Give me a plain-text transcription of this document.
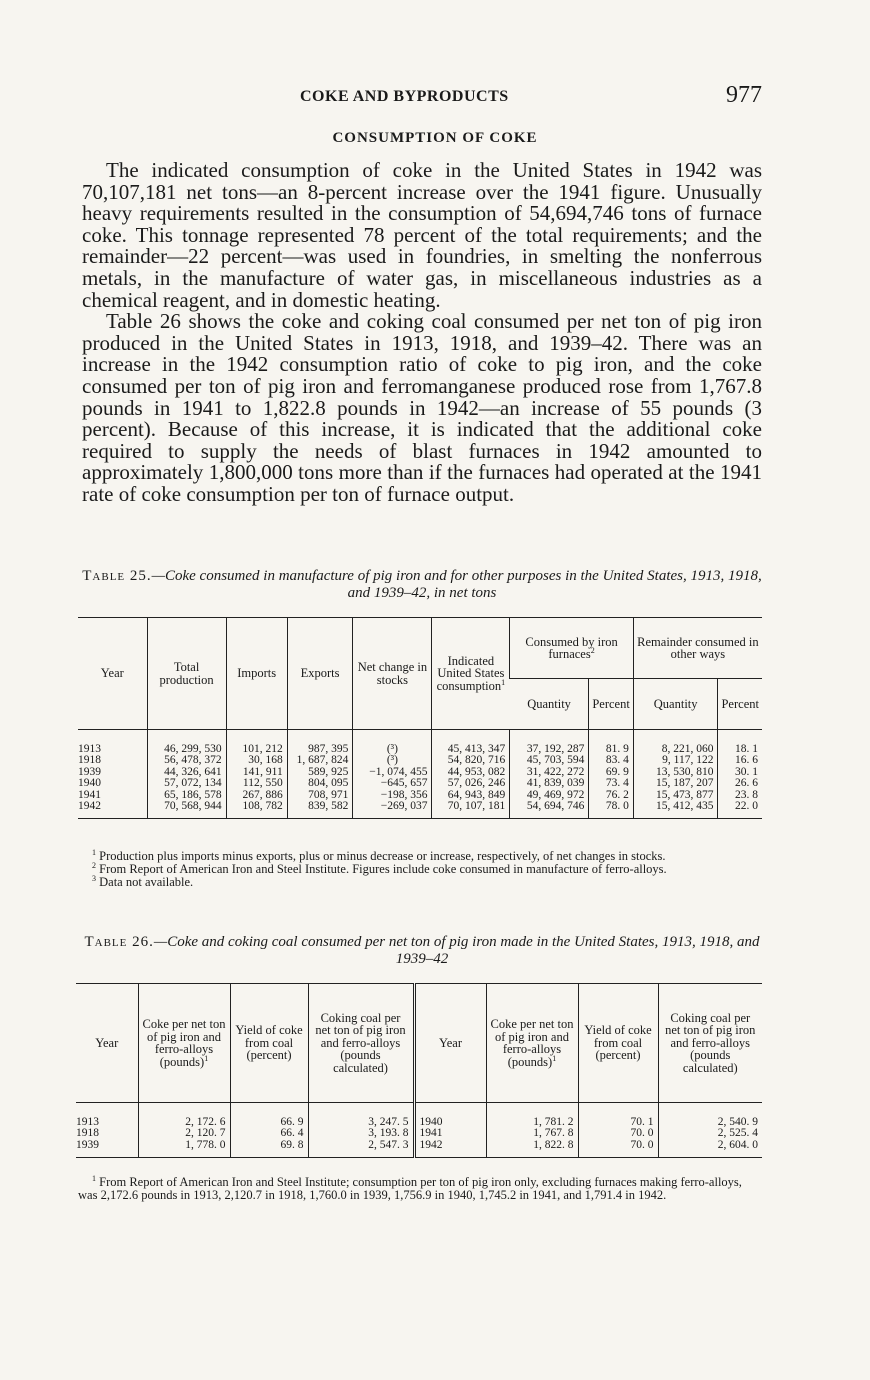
COKE AND BYPRODUCTS	977
CONSUMPTION OF COKE

The indicated consumption of coke in the United States in 1942 was 70,107,181 net tons—an 8-percent increase over the 1941 figure. Unusually heavy requirements resulted in the consumption of 54,694,746 tons of furnace coke. This tonnage represented 78 percent of the total requirements; and the remainder—22 percent—was used in foundries, in smelting the nonferrous metals, in the manufacture of water gas, in miscellaneous industries as a chemical reagent, and in domestic heating.

Table 26 shows the coke and coking coal consumed per net ton of pig iron produced in the United States in 1913, 1918, and 1939–42. There was an increase in the 1942 consumption ratio of coke to pig iron, and the coke consumed per ton of pig iron and ferromanganese produced rose from 1,767.8 pounds in 1941 to 1,822.8 pounds in 1942—an increase of 55 pounds (3 percent). Because of this increase, it is indicated that the additional coke required to supply the needs of blast furnaces in 1942 amounted to approximately 1,800,000 tons more than if the furnaces had operated at the 1941 rate of coke consumption per ton of furnace output.

Table 25.—Coke consumed in manufacture of pig iron and for other purposes in the United States, 1913, 1918, and 1939–42, in net tons
Year	Total production	Imports	Exports	Net change in stocks	Indicated United States consumption$^1$	Consumed by iron furnaces$^2$		Remainder consumed in other ways	
						Quantity	Percent	Quantity	Percent

1913	46, 299, 530	101, 212	987, 395	(³)	45, 413, 347	37, 192, 287	81. 9	8, 221, 060	18. 1
1918	56, 478, 372	30, 168	1, 687, 824	(³)	54, 820, 716	45, 703, 594	83. 4	9, 117, 122	16. 6
1939	44, 326, 641	141, 911	589, 925	−1, 074, 455	44, 953, 082	31, 422, 272	69. 9	13, 530, 810	30. 1
1940	57, 072, 134	112, 550	804, 095	−645, 657	57, 026, 246	41, 839, 039	73. 4	15, 187, 207	26. 6
1941	65, 186, 578	267, 886	708, 971	−198, 356	64, 943, 849	49, 469, 972	76. 2	15, 473, 877	23. 8
1942	70, 568, 944	108, 782	839, 582	−269, 037	70, 107, 181	54, 694, 746	78. 0	15, 412, 435	22. 0

$^1$ Production plus imports minus exports, plus or minus decrease or increase, respectively, of net changes in stocks.

$^2$ From Report of American Iron and Steel Institute. Figures include coke consumed in manufacture of ferro-alloys.

$^3$ Data not available.

Table 26.—Coke and coking coal consumed per net ton of pig iron made in the United States, 1913, 1918, and 1939–42
Year	Coke per net ton of pig iron and ferro-alloys (pounds)$^1$	Yield of coke from coal (percent)	Coking coal per net ton of pig iron and ferro-alloys (pounds calculated)	Year	Coke per net ton of pig iron and ferro-alloys (pounds)$^1$	Yield of coke from coal (percent)	Coking coal per net ton of pig iron and ferro-alloys (pounds calculated)

1913	2, 172. 6	66. 9	3, 247. 5	1940	1, 781. 2	70. 1	2, 540. 9
1918	2, 120. 7	66. 4	3, 193. 8	1941	1, 767. 8	70. 0	2, 525. 4
1939	1, 778. 0	69. 8	2, 547. 3	1942	1, 822. 8	70. 0	2, 604. 0

$^1$ From Report of American Iron and Steel Institute; consumption per ton of pig iron only, excluding furnaces making ferro-alloys, was 2,172.6 pounds in 1913, 2,120.7 in 1918, 1,760.0 in 1939, 1,756.9 in 1940, 1,745.2 in 1941, and 1,791.4 in 1942.
